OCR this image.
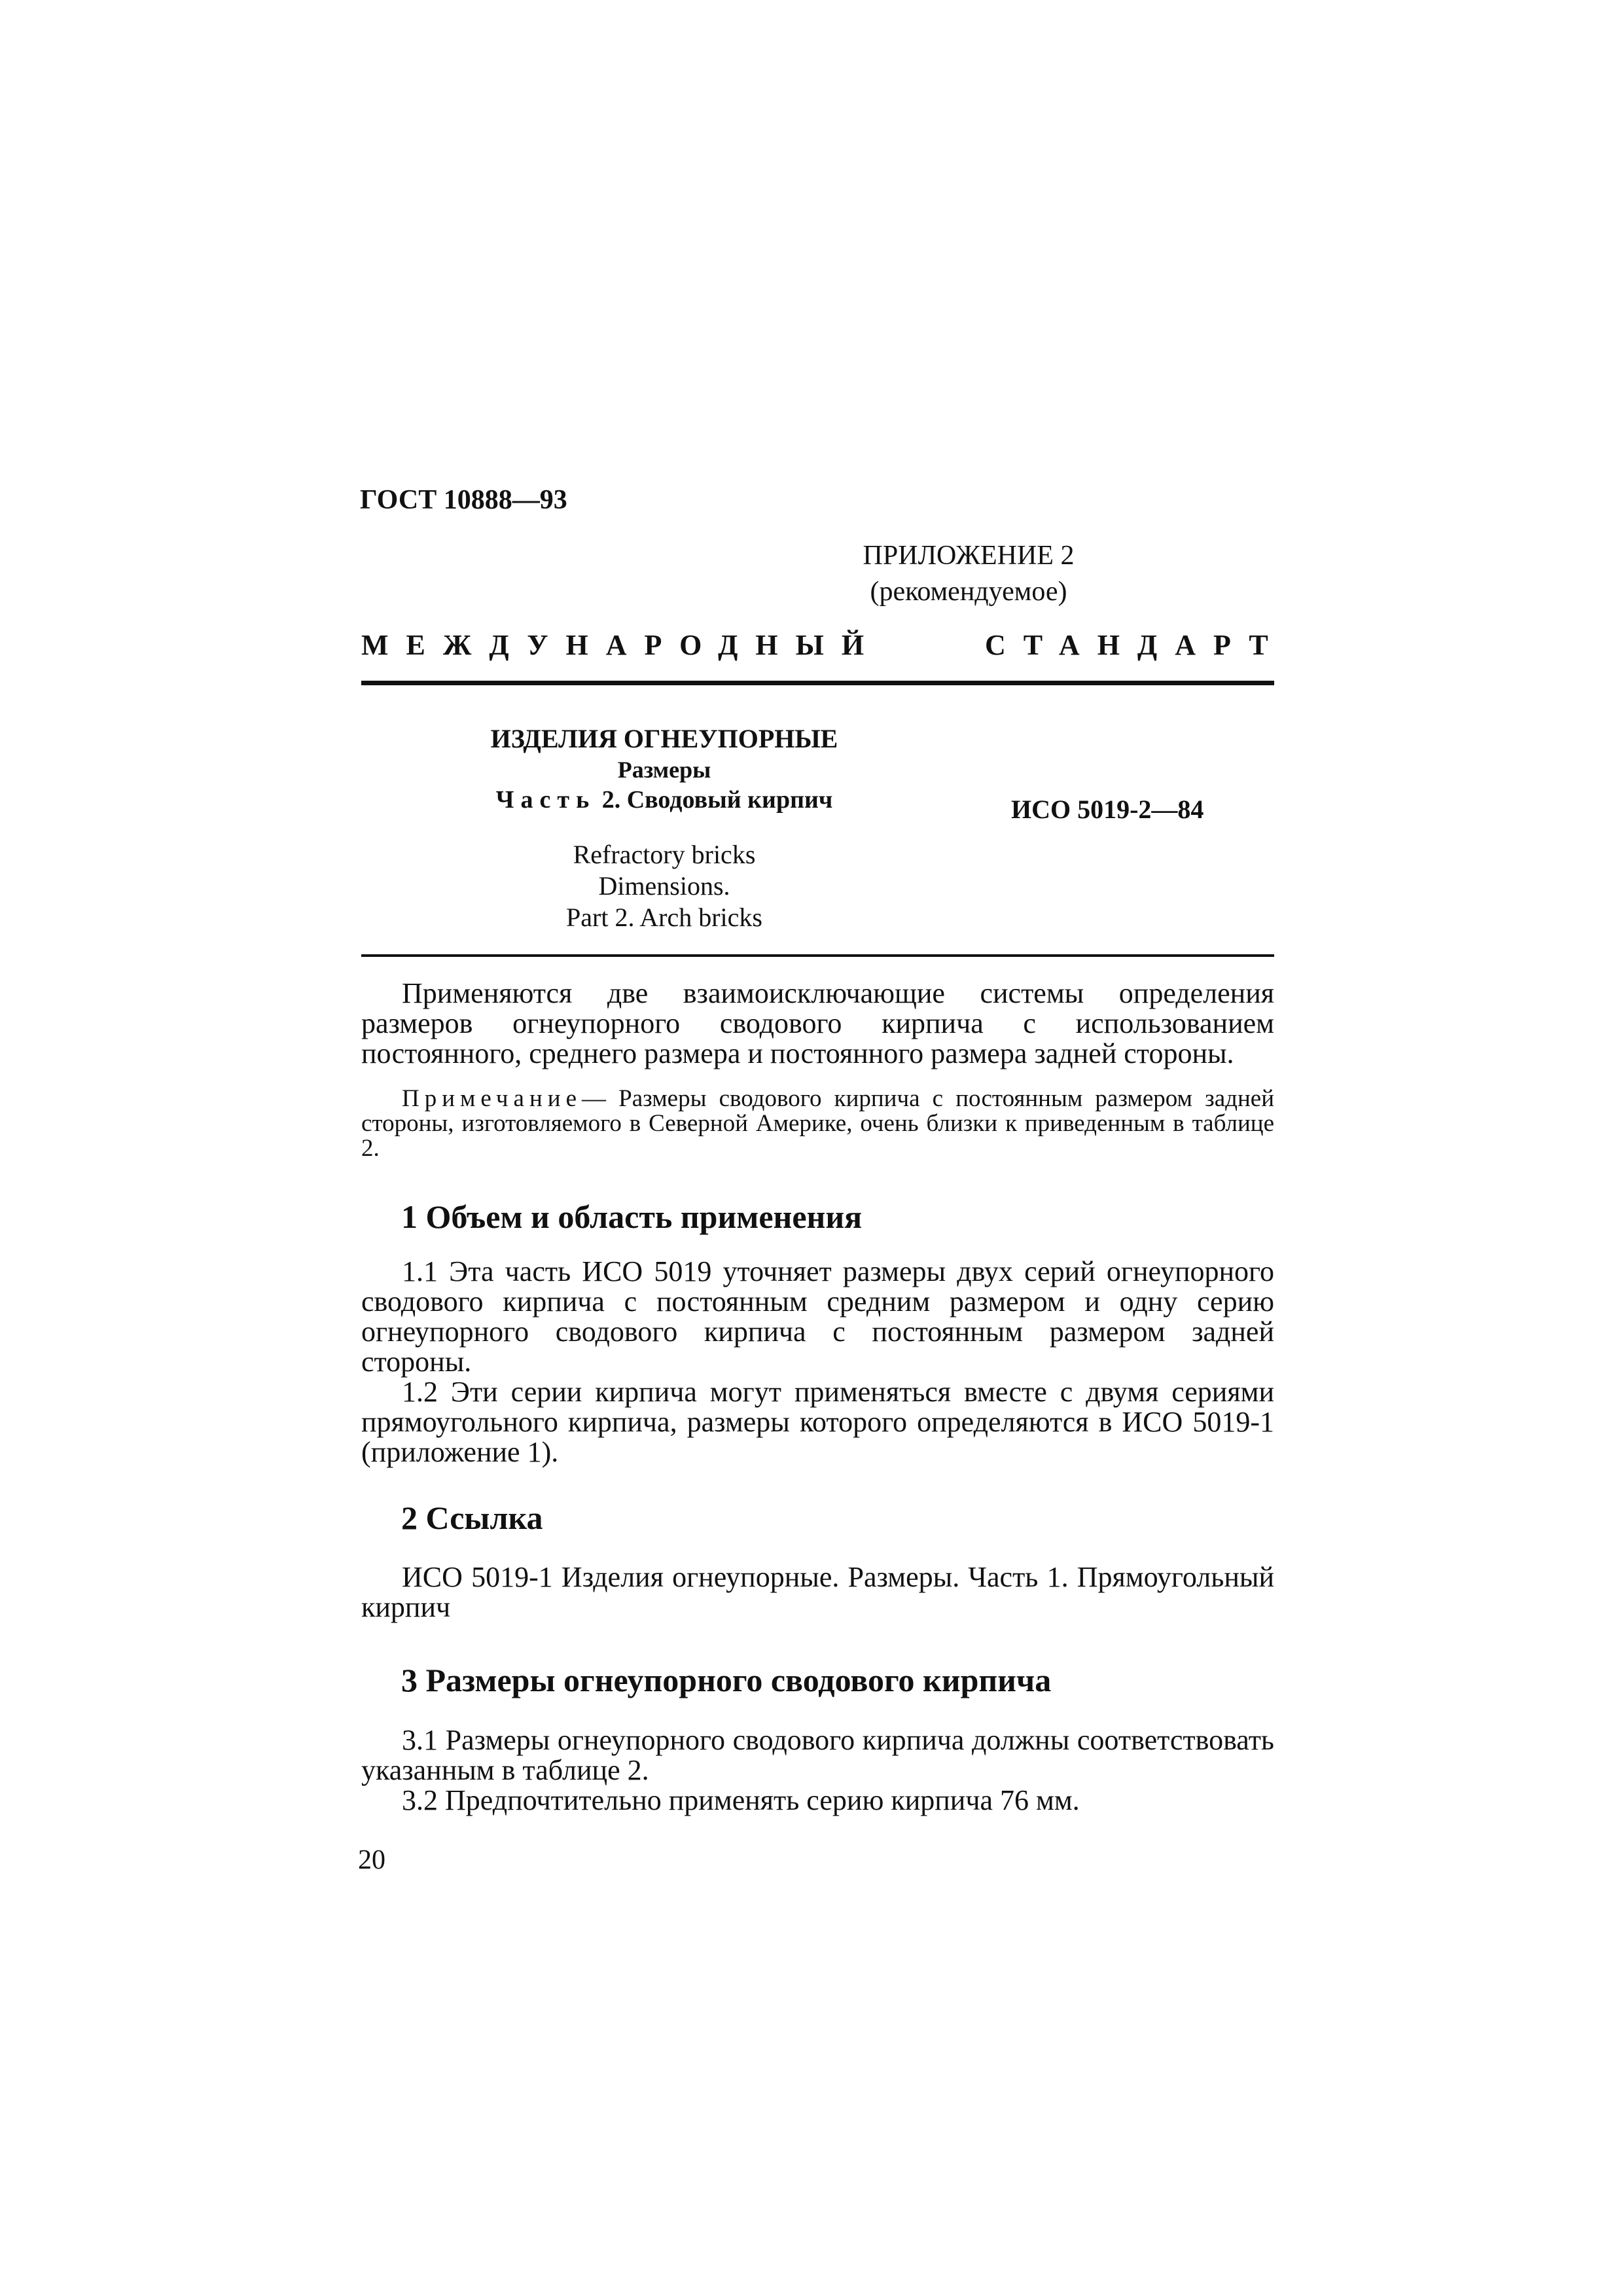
ГОСТ 10888—93
ПРИЛОЖЕНИЕ 2
(рекомендуемое)
МЕЖДУНАРОДНЫЙ	СТАНДАРТ
ИЗДЕЛИЯ ОГНЕУПОРНЫЕ
Размеры
Часть 2. Сводовый кирпич	ИСО 5019-2—84
Refractory bricks
Dimensions.
Part 2. Arch bricks

Применяются две взаимоисключающие системы определения размеров огнеупорного сводового кирпича с использованием постоянного, среднего размера и постоянного размера задней стороны.

Примечание— Размеры сводового кирпича с постоянным размером задней стороны, изготовляемого в Северной Америке, очень близки к приведенным в таблице 2.

1 Объем и область применения

1.1 Эта часть ИСО 5019 уточняет размеры двух серий огнеупорного сводового кирпича с постоянным средним размером и одну серию огнеупорного сводового кирпича с постоянным размером задней стороны.

1.2 Эти серии кирпича могут применяться вместе с двумя сериями прямоугольного кирпича, размеры которого определяются в ИСО 5019-1 (приложение 1).

2 Ссылка

ИСО 5019-1 Изделия огнеупорные. Размеры. Часть 1. Прямоугольный кирпич

3 Размеры огнеупорного сводового кирпича

3.1 Размеры огнеупорного сводового кирпича должны соответствовать указанным в таблице 2.

3.2 Предпочтительно применять серию кирпича 76 мм.

20
